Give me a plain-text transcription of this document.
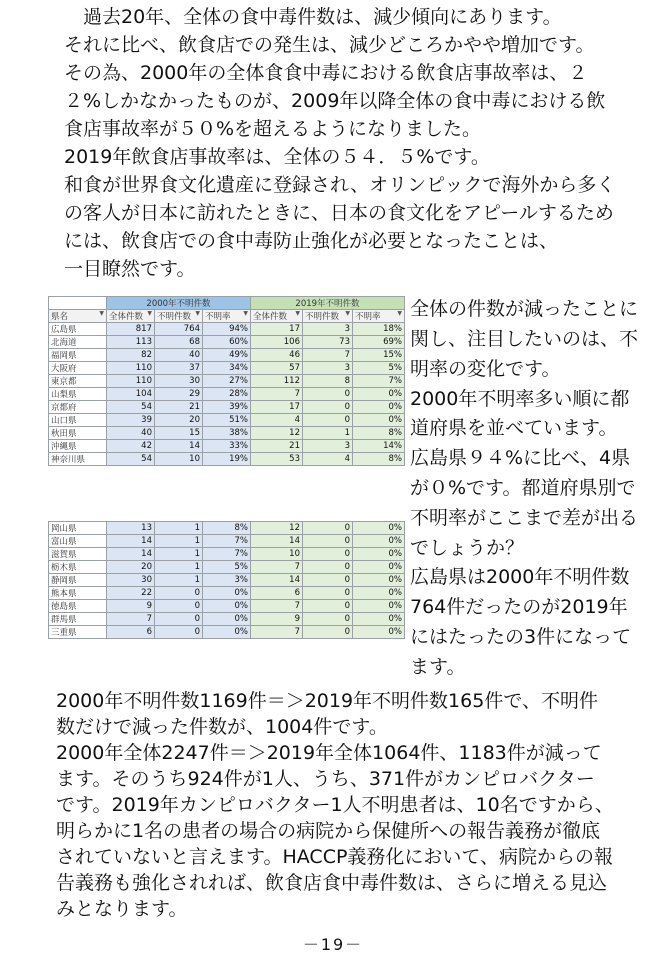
　過去20年、全体の食中毒件数は、減少傾向にあります。
それに比べ、飲食店での発生は、減少どころかやや増加です。
その為、2000年の全体食食中毒における飲食店事故率は、２
２%しかなかったものが、2009年以降全体の食中毒における飲
食店事故率が５０%を超えるようになりました。
2019年飲食店事故率は、全体の５４．５%です。
和食が世界食文化遺産に登録され、オリンピックで海外から多く
の客人が日本に訪れたときに、日本の食文化をアピールするため
には、飲食店での食中毒防止強化が必要となったことは、
一目瞭然です。
	2000年不明件数			2019年不明件数		
県名 ▼	全体件数 ▼	不明件数 ▼	不明率 ▼	全体件数 ▼	不明件数 ▼	不明率 ▼

広島県	817	764	94%	17	3	18%
北海道	113	68	60%	106	73	69%
福岡県	82	40	49%	46	7	15%
大阪府	110	37	34%	57	3	5%
東京都	110	30	27%	112	8	7%
山梨県	104	29	28%	7	0	0%
京都府	54	21	39%	17	0	0%
山口県	39	20	51%	4	0	0%
秋田県	40	15	38%	12	1	8%
沖縄県	42	14	33%	21	3	14%
神奈川県	54	10	19%	53	4	8%
岡山県	13	1	8%	12	0	0%
富山県	14	1	7%	14	0	0%
滋賀県	14	1	7%	10	0	0%
栃木県	20	1	5%	7	0	0%
静岡県	30	1	3%	14	0	0%
熊本県	22	0	0%	6	0	0%
徳島県	9	0	0%	7	0	0%
群馬県	7	0	0%	9	0	0%
三重県	6	0	0%	7	0	0%
全体の件数が減ったことに
関し、注目したいのは、不
明率の変化です。
2000年不明率多い順に都
道府県を並べています。
広島県９４%に比べ、4県
が０%です。都道府県別で
不明率がここまで差が出る
でしょうか？
広島県は2000年不明件数
764件だったのが2019年
にはたったの3件になって
ます。
2000年不明件数1169件＝＞2019年不明件数165件で、不明件
数だけで減った件数が、1004件です。
2000年全体2247件＝＞2019年全体1064件、1183件が減って
ます。そのうち924件が1人、うち、371件がカンピロバクター
です。2019年カンピロバクター1人不明患者は、10名ですから、
明らかに1名の患者の場合の病院から保健所への報告義務が徹底
されていないと言えます。HACCP義務化において、病院からの報
告義務も強化されれば、飲食店食中毒件数は、さらに増える見込
みとなります。
－19－
